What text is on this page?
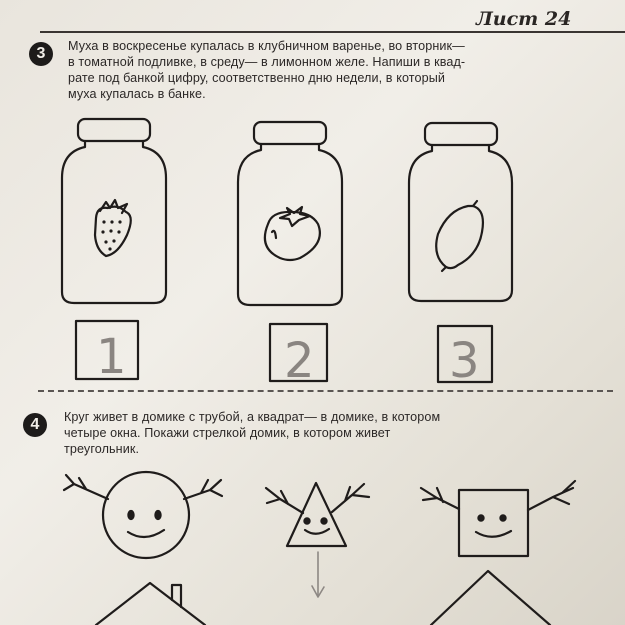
Лист 24
3	Муха в воскресенье купалась в клубничном варенье, во вторник—
в томатной подливке, в среду— в лимонном желе. Напиши в квад-
рате под банкой цифру, соответственно дню недели, в который
муха купалась в банке.
1	2	3
4	Круг живет в домике с трубой, а квадрат— в домике, в котором
четыре окна. Покажи стрелкой домик, в котором живет
треугольник.
